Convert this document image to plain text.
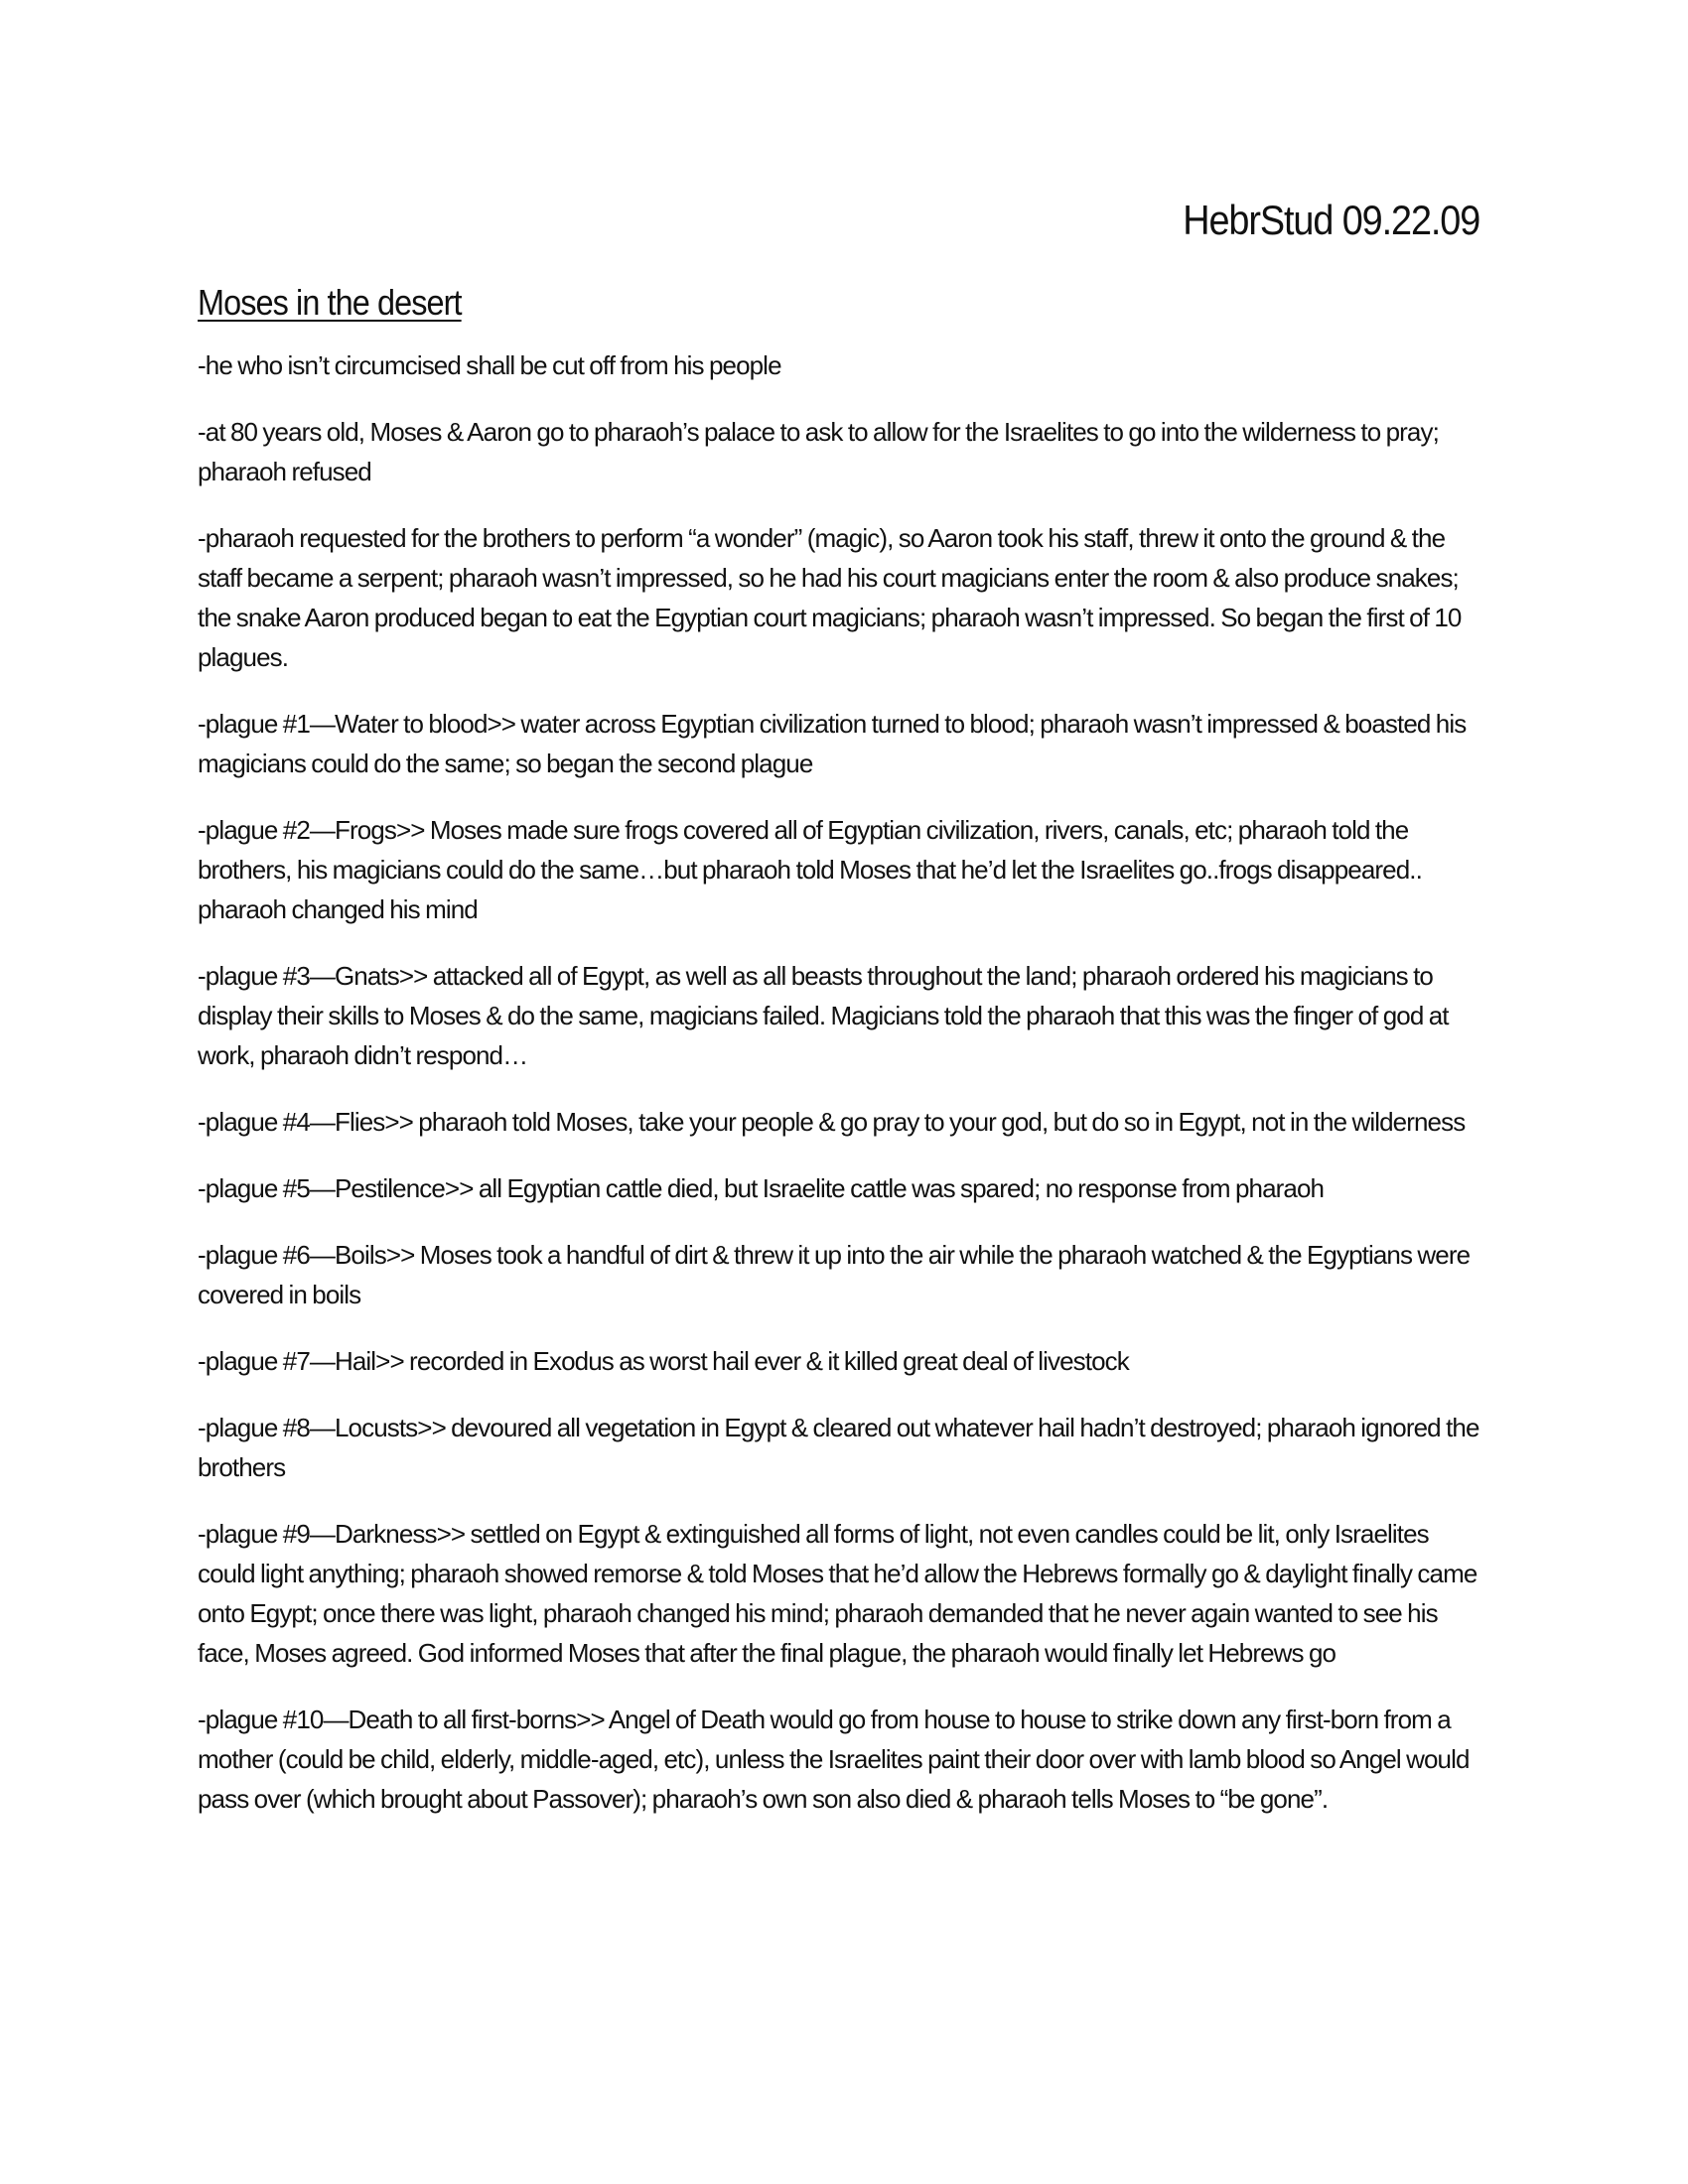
HebrStud 09.22.09
Moses in the desert

-he who isn’t circumcised shall be cut off from his people

-at 80 years old, Moses & Aaron go to pharaoh’s palace to ask to allow for the Israelites to go into the wilderness to pray; pharaoh refused

-pharaoh requested for the brothers to perform “a wonder” (magic), so Aaron took his staff, threw it onto the ground & the staff became a serpent; pharaoh wasn’t impressed, so he had his court magicians enter the room & also produce snakes; the snake Aaron produced began to eat the Egyptian court magicians; pharaoh wasn’t impressed. So began the first of 10 plagues.

-plague #1—Water to blood>> water across Egyptian civilization turned to blood; pharaoh wasn’t impressed & boasted his magicians could do the same; so began the second plague

-plague #2—Frogs>> Moses made sure frogs covered all of Egyptian civilization, rivers, canals, etc; pharaoh told the brothers, his magicians could do the same…but pharaoh told Moses that he’d let the Israelites go..frogs disappeared.. pharaoh changed his mind

-plague #3—Gnats>> attacked all of Egypt, as well as all beasts throughout the land; pharaoh ordered his magicians to display their skills to Moses & do the same, magicians failed. Magicians told the pharaoh that this was the finger of god at work, pharaoh didn’t respond…

-plague #4—Flies>> pharaoh told Moses, take your people & go pray to your god, but do so in Egypt, not in the wilderness

-plague #5—Pestilence>> all Egyptian cattle died, but Israelite cattle was spared; no response from pharaoh

-plague #6—Boils>> Moses took a handful of dirt & threw it up into the air while the pharaoh watched & the Egyptians were covered in boils

-plague #7—Hail>> recorded in Exodus as worst hail ever & it killed great deal of livestock

-plague #8—Locusts>> devoured all vegetation in Egypt & cleared out whatever hail hadn’t destroyed; pharaoh ignored the brothers

-plague #9—Darkness>> settled on Egypt & extinguished all forms of light, not even candles could be lit, only Israelites could light anything; pharaoh showed remorse & told Moses that he’d allow the Hebrews formally go & daylight finally came onto Egypt; once there was light, pharaoh changed his mind; pharaoh demanded that he never again wanted to see his face, Moses agreed. God informed Moses that after the final plague, the pharaoh would finally let Hebrews go

-plague #10—Death to all first-borns>> Angel of Death would go from house to house to strike down any first-born from a mother (could be child, elderly, middle-aged, etc), unless the Israelites paint their door over with lamb blood so Angel would pass over (which brought about Passover); pharaoh’s own son also died & pharaoh tells Moses to “be gone”.
